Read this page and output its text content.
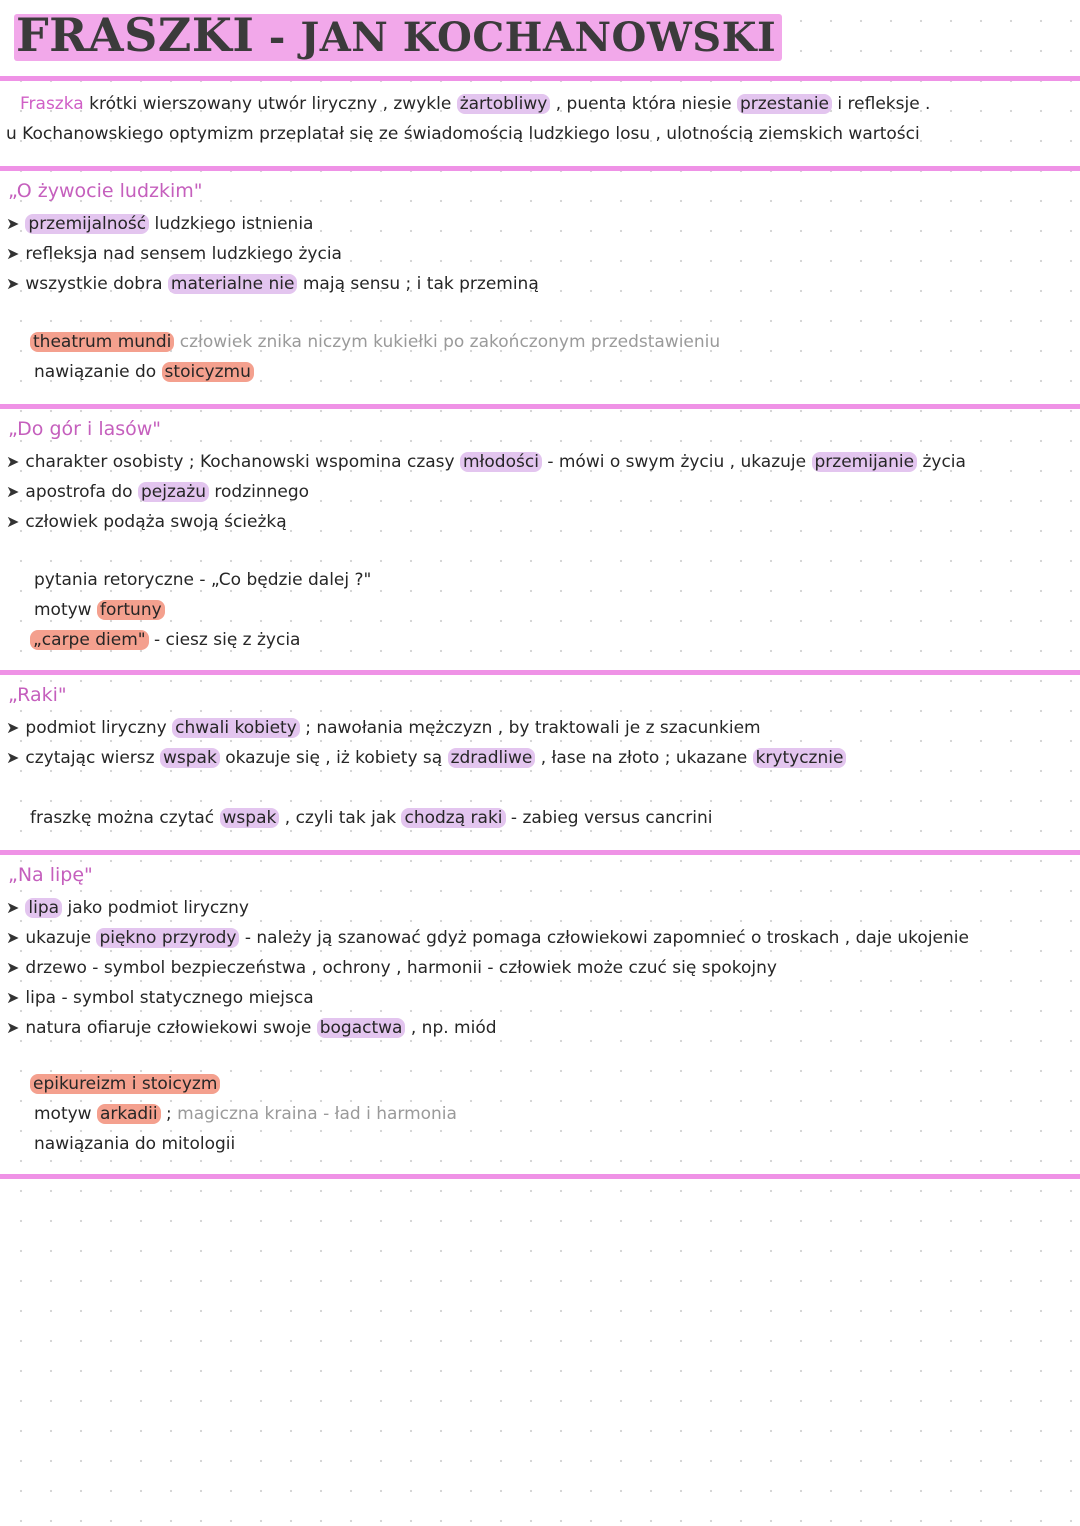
FRASZKI - JAN KOCHANOWSKI
Fraszka krótki wierszowany utwór liryczny , zwykle żartobliwy , puenta która niesie przestanie i refleksje .
u Kochanowskiego optymizm przeplatał się ze świadomością ludzkiego losu , ulotnością ziemskich wartości
„O żywocie ludzkim"
➤ przemijalność ludzkiego istnienia
➤ refleksja nad sensem ludzkiego życia
➤ wszystkie dobra materialne nie mają sensu ; i tak przeminą
theatrum mundi człowiek znika niczym kukiełki po zakończonym przedstawieniu
nawiązanie do stoicyzmu
„Do gór i lasów"
➤ charakter osobisty ; Kochanowski wspomina czasy młodości - mówi o swym życiu , ukazuje przemijanie życia
➤ apostrofa do pejzażu rodzinnego
➤ człowiek podąża swoją ścieżką
pytania retoryczne - „Co będzie dalej ?"
motyw fortuny
„carpe diem" - ciesz się z życia
„Raki"
➤ podmiot liryczny chwali kobiety ; nawołania mężczyzn , by traktowali je z szacunkiem
➤ czytając wiersz wspak okazuje się , iż kobiety są zdradliwe , łase na złoto ; ukazane krytycznie
fraszkę można czytać wspak , czyli tak jak chodzą raki - zabieg versus cancrini
„Na lipę"
➤ lipa jako podmiot liryczny
➤ ukazuje piękno przyrody - należy ją szanować gdyż pomaga człowiekowi zapomnieć o troskach , daje ukojenie
➤ drzewo - symbol bezpieczeństwa , ochrony , harmonii - człowiek może czuć się spokojny
➤ lipa - symbol statycznego miejsca
➤ natura ofiaruje człowiekowi swoje bogactwa , np. miód
epikureizm i stoicyzm
motyw arkadii ; magiczna kraina - ład i harmonia
nawiązania do mitologii
